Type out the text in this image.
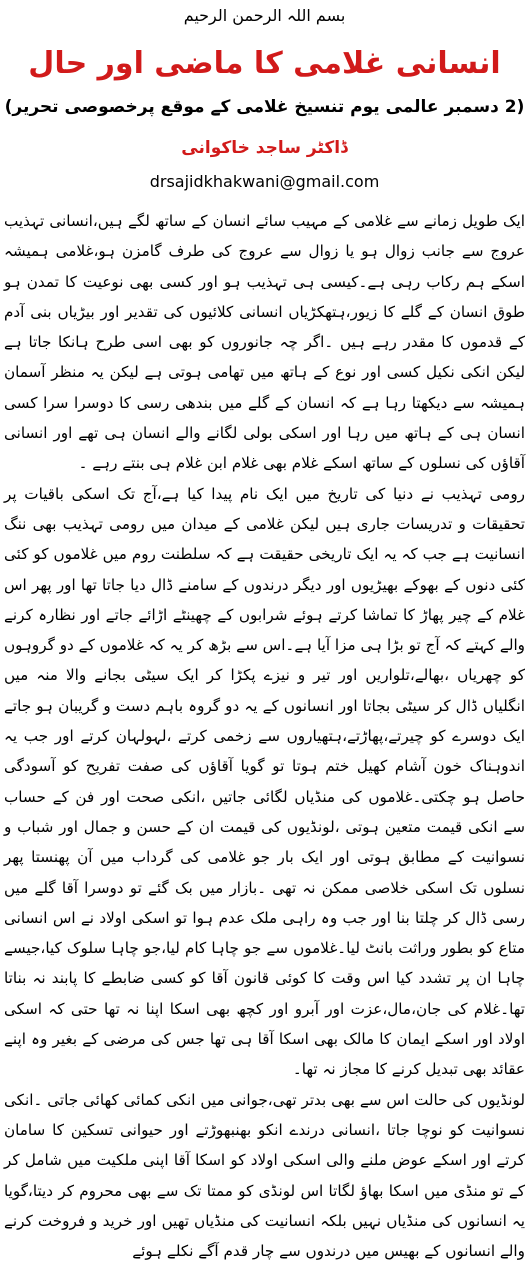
بسم اللہ الرحمن الرحیم
انسانی غلامی کا ماضی اور حال
(2 دسمبر عالمی یوم تنسیخ غلامی کے موقع پرخصوصی تحریر)
ڈاکٹر ساجد خاکوانی
drsajidkhakwani@gmail.com

ایک طویل زمانے سے غلامی کے مہیب سائے انسان کے ساتھ لگے ہیں،انسانی تہذیب عروج سے جانب زوال ہو یا زوال سے عروج کی طرف گامزن ہو،غلامی ہمیشہ اسکے ہم رکاب رہی ہے۔کیسی ہی تہذیب ہو اور کسی بھی نوعیت کا تمدن ہو طوق انسان کے گلے کا زیور،ہتھکڑیاں انسانی کلائیوں کی تقدیر اور بیڑیاں بنی آدم کے قدموں کا مقدر رہے ہیں ۔اگر چہ جانوروں کو بھی اسی طرح ہانکا جاتا ہے لیکن انکی نکیل کسی اور نوع کے ہاتھ میں تھامی ہوتی ہے لیکن یہ منظر آسمان ہمیشہ سے دیکھتا رہا ہے کہ انسان کے گلے میں بندھی رسی کا دوسرا سرا کسی انسان ہی کے ہاتھ میں رہا اور اسکی بولی لگانے والے انسان ہی تھے اور انسانی آقاؤں کی نسلوں کے ساتھ اسکے غلام بھی غلام ابن غلام ہی بنتے رہے ۔

رومی تہذیب نے دنیا کی تاریخ میں ایک نام پیدا کیا ہے،آج تک اسکی باقیات پر تحقیقات و تدریسات جاری ہیں لیکن غلامی کے میدان میں رومی تہذیب بھی ننگ انسانیت ہے جب کہ یہ ایک تاریخی حقیقت ہے کہ سلطنت روم میں غلاموں کو کئی کئی دنوں کے بھوکے بھیڑیوں اور دیگر درندوں کے سامنے ڈال دیا جاتا تھا اور پھر اس غلام کے چیر پھاڑ کا تماشا کرتے ہوئے شرابوں کے چھینٹے اڑائے جاتے اور نظارہ کرنے والے کہتے کہ آج تو بڑا ہی مزا آیا ہے۔اس سے بڑھ کر یہ کہ غلاموں کے دو گروہوں کو چھریاں ،بھالے،تلواریں اور تیر و نیزے پکڑا کر ایک سیٹی بجانے والا منہ میں انگلیاں ڈال کر سیٹی بجاتا اور انسانوں کے یہ دو گروہ باہم دست و گریبان ہو جاتے ایک دوسرے کو چیرتے،پھاڑتے،ہتھیاروں سے زخمی کرتے ،لہولہان کرتے اور جب یہ اندوہناک خون آشام کھیل ختم ہوتا تو گویا آقاؤں کی صفت تفریح کو آسودگی حاصل ہو چکتی۔غلاموں کی منڈیاں لگائی جاتیں ،انکی صحت اور فن کے حساب سے انکی قیمت متعین ہوتی ،لونڈیوں کی قیمت ان کے حسن و جمال اور شباب و نسوانیت کے مطابق ہوتی اور ایک بار جو غلامی کی گرداب میں آن پھنستا پھر نسلوں تک اسکی خلاصی ممکن نہ تھی ۔بازار میں بک گئے تو دوسرا آقا گلے میں رسی ڈال کر چلتا بنا اور جب وہ راہی ملک عدم ہوا تو اسکی اولاد نے اس انسانی متاع کو بطور وراثت بانٹ لیا۔غلاموں سے جو چاہا کام لیا،جو چاہا سلوک کیا،جیسے چاہا ان پر تشدد کیا اس وقت کا کوئی قانون آقا کو کسی ضابطے کا پابند نہ بناتا تھا۔غلام کی جان،مال،عزت اور آبرو اور کچھ بھی اسکا اپنا نہ تھا حتی کہ اسکی اولاد اور اسکے ایمان کا مالک بھی اسکا آقا ہی تھا جس کی مرضی کے بغیر وہ اپنے عقائد بھی تبدیل کرنے کا مجاز نہ تھا۔

لونڈیوں کی حالت اس سے بھی بدتر تھی،جوانی میں انکی کمائی کھائی جاتی ۔انکی نسوانیت کو نوچا جاتا ،انسانی درندے انکو بھنبھوڑتے اور حیوانی تسکین کا سامان کرتے اور اسکے عوض ملنے والی اسکی اولاد کو اسکا آقا اپنی ملکیت میں شامل کر کے تو منڈی میں اسکا بھاؤ لگاتا اس لونڈی کو ممتا تک سے بھی محروم کر دیتا،گویا یہ انسانوں کی منڈیاں نہیں بلکہ انسانیت کی منڈیاں تھیں اور خرید و فروخت کرنے والے انسانوں کے بھیس میں درندوں سے چار قدم آگے نکلے ہوئے
